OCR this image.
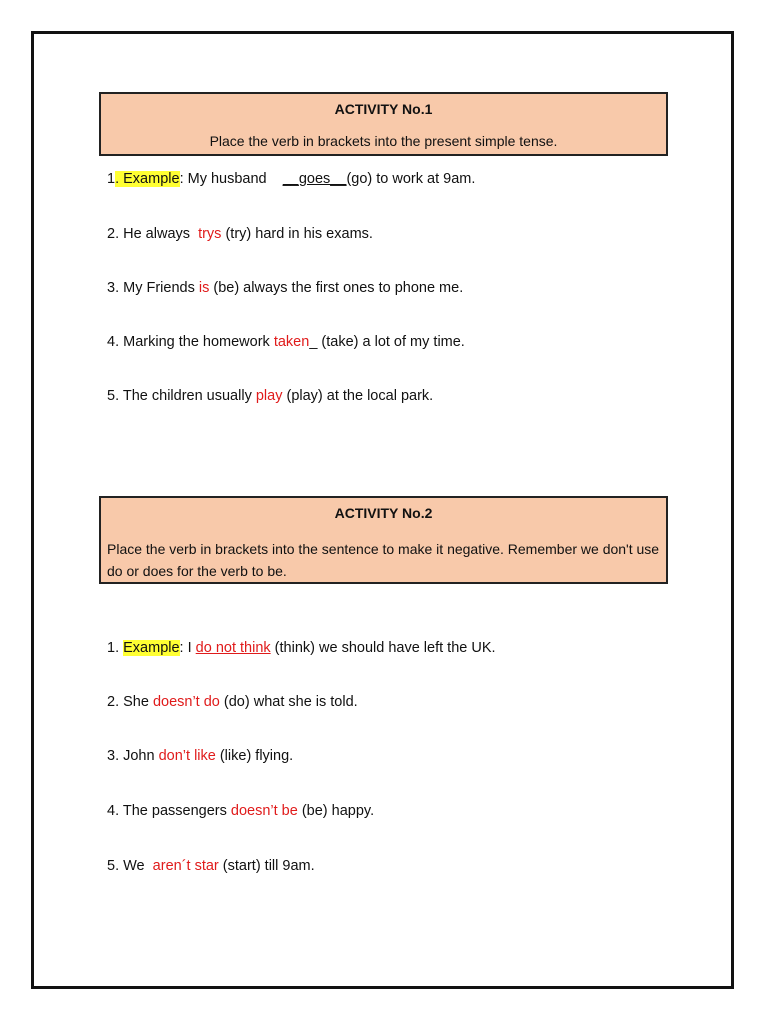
ACTIVITY No.1
Place the verb in brackets into the present simple tense.
1. Example: My husband    __goes__(go) to work at 9am.
2. He always  trys (try) hard in his exams.
3. My Friends is (be) always the first ones to phone me.
4. Marking the homework taken_ (take) a lot of my time.
5. The children usually play (play) at the local park.
ACTIVITY No.2
Place the verb in brackets into the sentence to make it negative. Remember we don't use do or does for the verb to be.
1. Example: I do not think (think) we should have left the UK.
2. She doesn’t do (do) what she is told.
3. John don’t like (like) flying.
4. The passengers doesn’t be (be) happy.
5. We  aren´t star (start) till 9am.
